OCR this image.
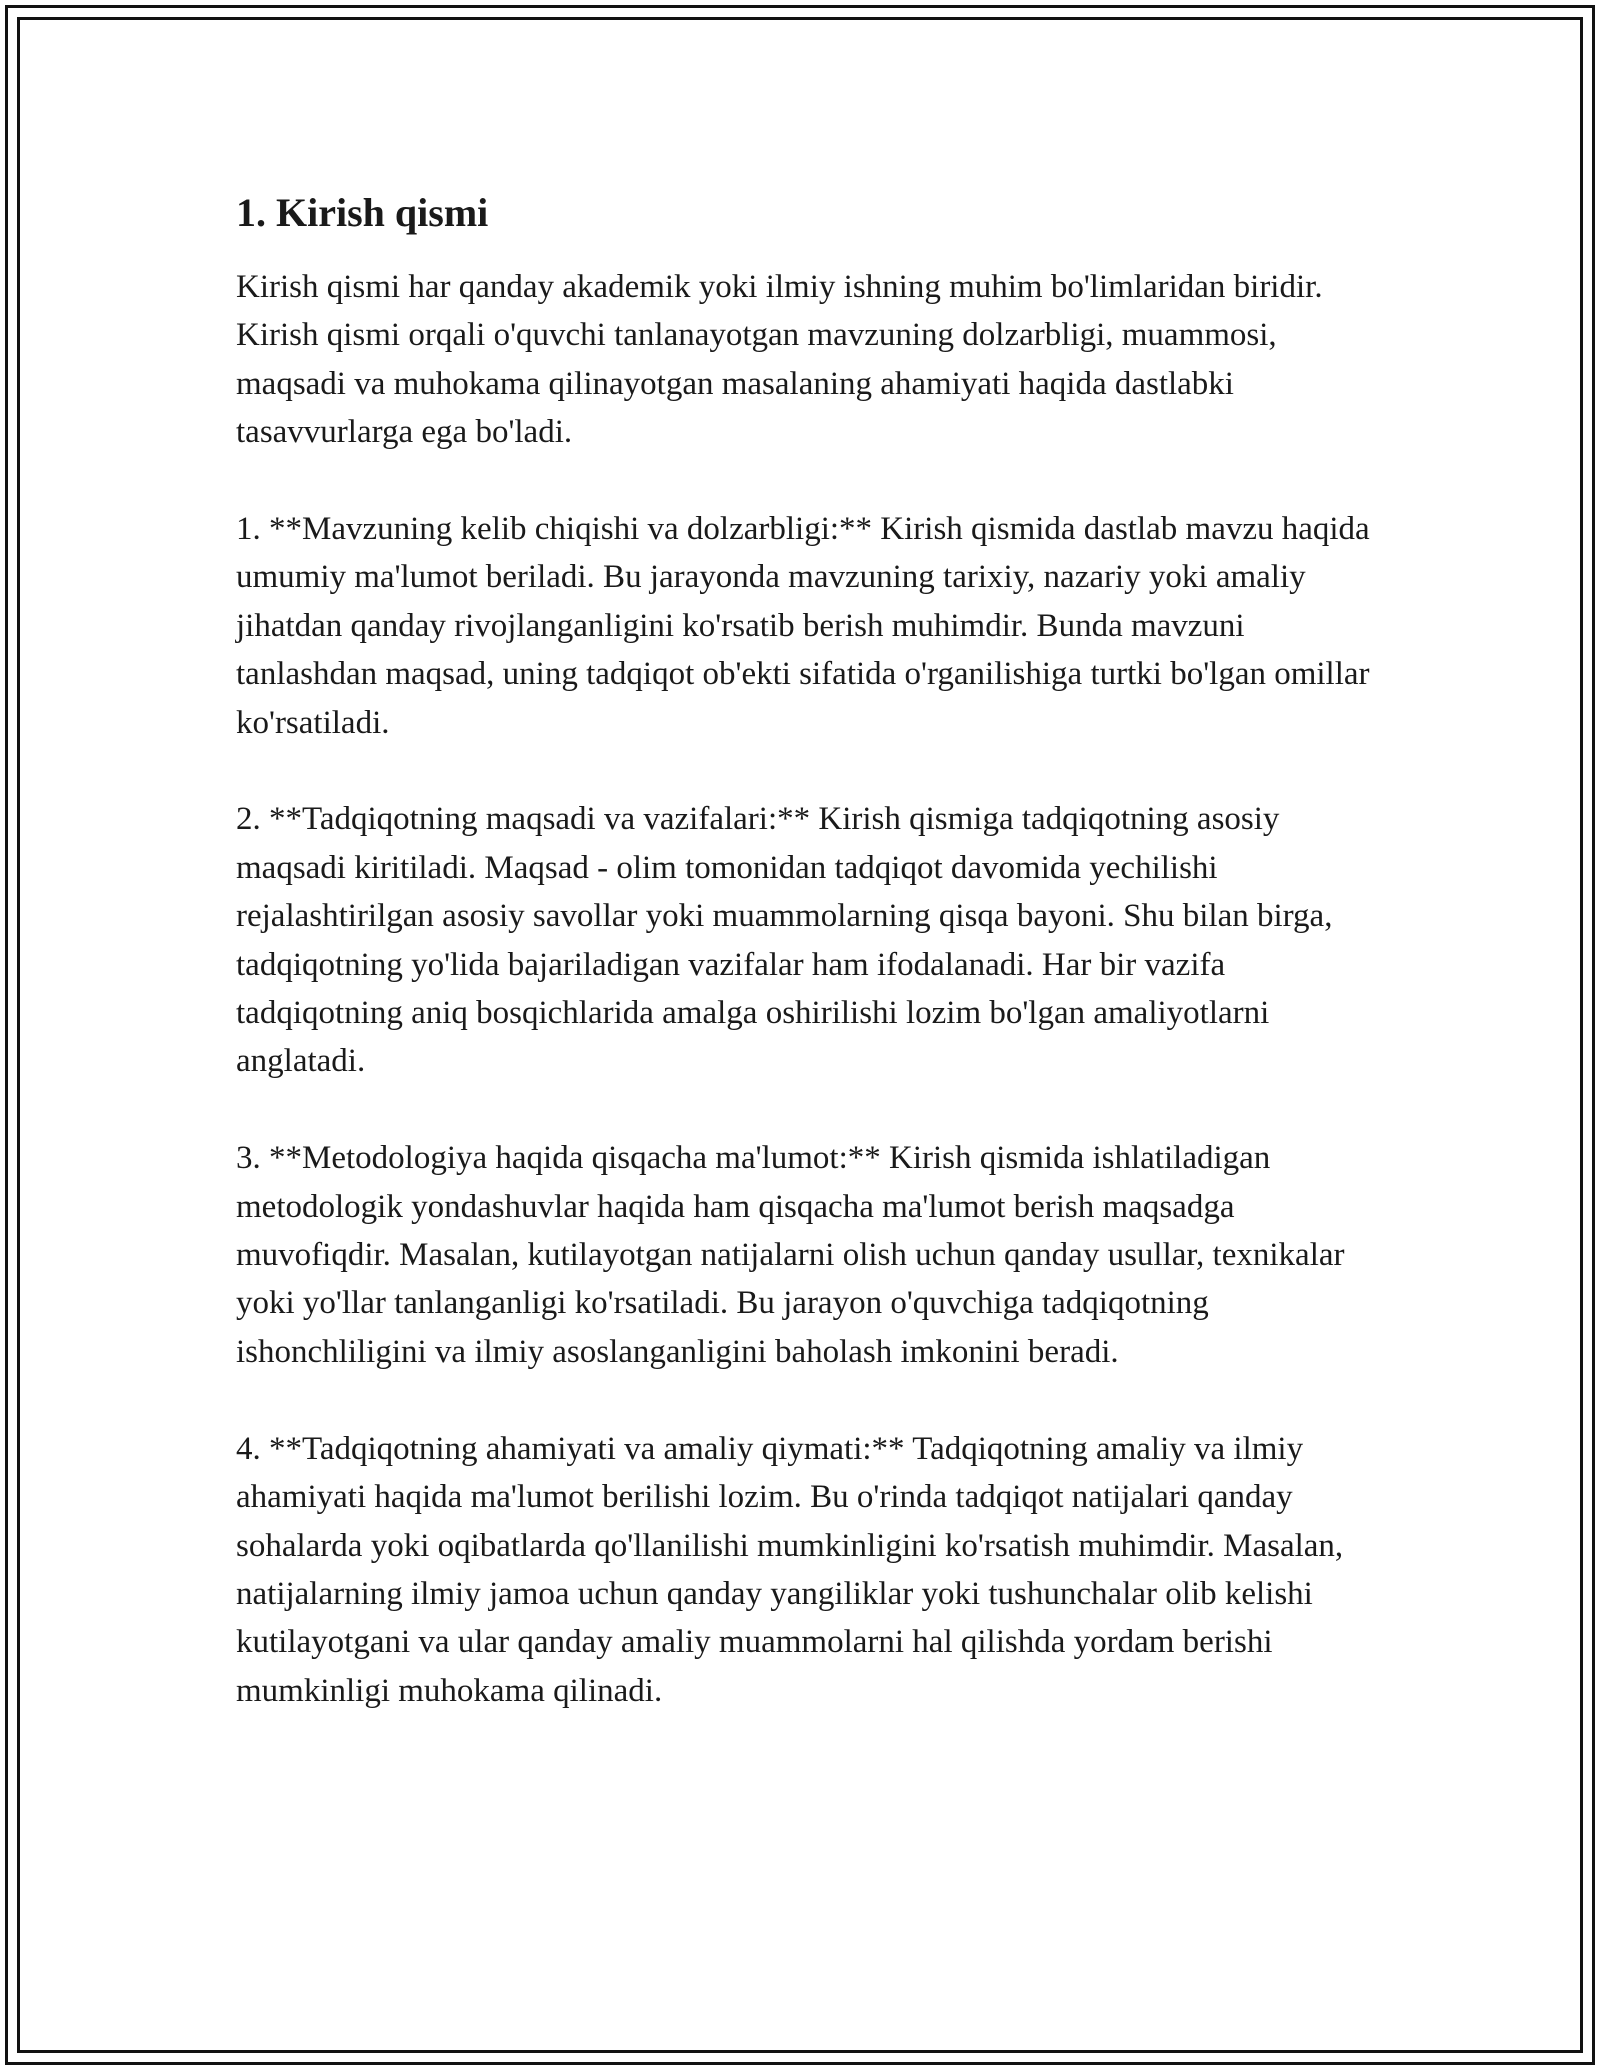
1. Kirish qismi

Kirish qismi har qanday akademik yoki ilmiy ishning muhim bo'limlaridan biridir. Kirish qismi orqali o'quvchi tanlanayotgan mavzuning dolzarbligi, muammosi, maqsadi va muhokama qilinayotgan masalaning ahamiyati haqida dastlabki tasavvurlarga ega bo'ladi.

1. **Mavzuning kelib chiqishi va dolzarbligi:** Kirish qismida dastlab mavzu haqida umumiy ma'lumot beriladi. Bu jarayonda mavzuning tarixiy, nazariy yoki amaliy jihatdan qanday rivojlanganligini ko'rsatib berish muhimdir. Bunda mavzuni tanlashdan maqsad, uning tadqiqot ob'ekti sifatida o'rganilishiga turtki bo'lgan omillar ko'rsatiladi.

2. **Tadqiqotning maqsadi va vazifalari:** Kirish qismiga tadqiqotning asosiy maqsadi kiritiladi. Maqsad - olim tomonidan tadqiqot davomida yechilishi rejalashtirilgan asosiy savollar yoki muammolarning qisqa bayoni. Shu bilan birga, tadqiqotning yo'lida bajariladigan vazifalar ham ifodalanadi. Har bir vazifa tadqiqotning aniq bosqichlarida amalga oshirilishi lozim bo'lgan amaliyotlarni anglatadi.

3. **Metodologiya haqida qisqacha ma'lumot:** Kirish qismida ishlatiladigan metodologik yondashuvlar haqida ham qisqacha ma'lumot berish maqsadga muvofiqdir. Masalan, kutilayotgan natijalarni olish uchun qanday usullar, texnikalar yoki yo'llar tanlanganligi ko'rsatiladi. Bu jarayon o'quvchiga tadqiqotning ishonchliligini va ilmiy asoslanganligini baholash imkonini beradi.

4. **Tadqiqotning ahamiyati va amaliy qiymati:** Tadqiqotning amaliy va ilmiy ahamiyati haqida ma'lumot berilishi lozim. Bu o'rinda tadqiqot natijalari qanday sohalarda yoki oqibatlarda qo'llanilishi mumkinligini ko'rsatish muhimdir. Masalan, natijalarning ilmiy jamoa uchun qanday yangiliklar yoki tushunchalar olib kelishi kutilayotgani va ular qanday amaliy muammolarni hal qilishda yordam berishi mumkinligi muhokama qilinadi.
